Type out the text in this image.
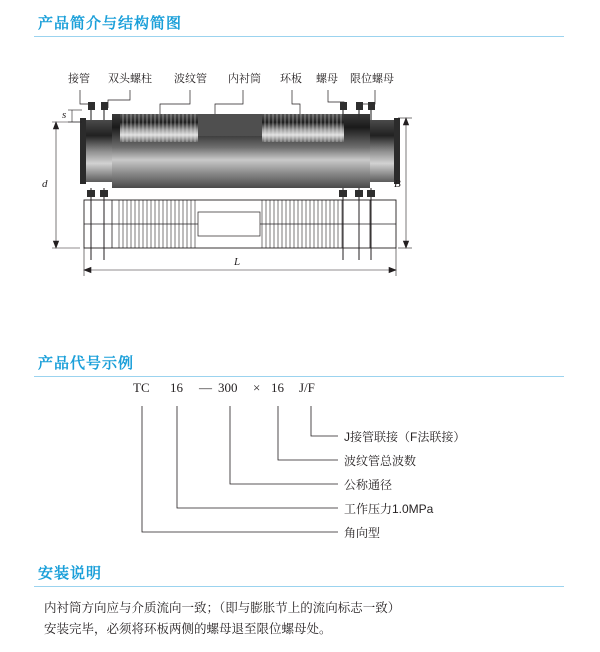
产品简介与结构简图
接管 双头螺柱 波纹管 内衬筒 环板 螺母 限位螺母
s
d	B
L
产品代号示例
TC 16 — 300 × 16 J/F
J接管联接（F法联接）
波纹管总波数
公称通径
工作压力1.0MPa
角向型
安装说明
内衬筒方向应与介质流向一致；（即与膨胀节上的流向标志一致）
安装完毕，必须将环板两侧的螺母退至限位螺母处。
